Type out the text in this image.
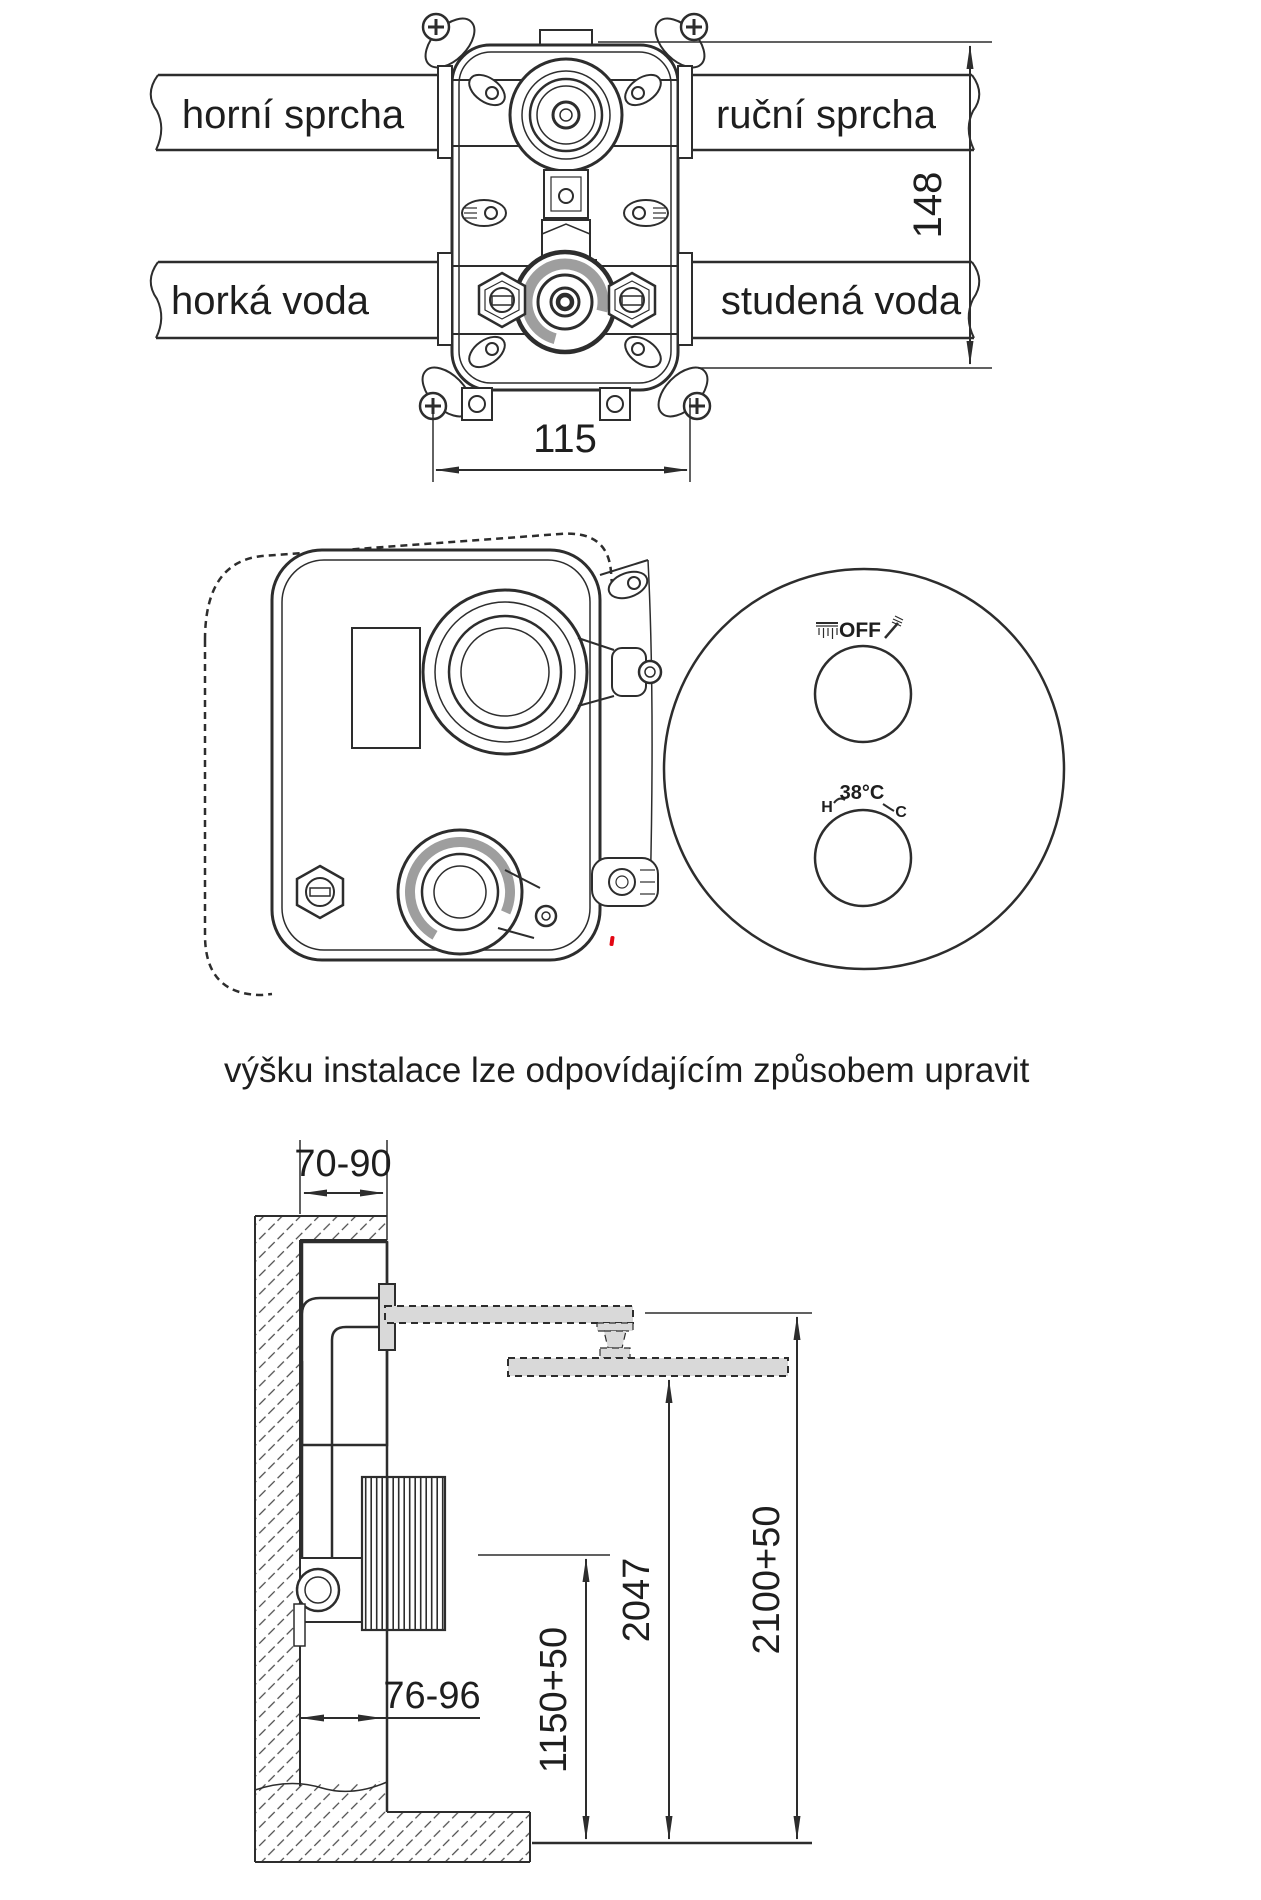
horní sprcha
horká voda
ruční sprcha
studená voda
148
115
OFF
H
38°C
C
výšku instalace lze odpovídajícím způsobem upravit
70-90
76-96 1150+50
2047 2100+50
